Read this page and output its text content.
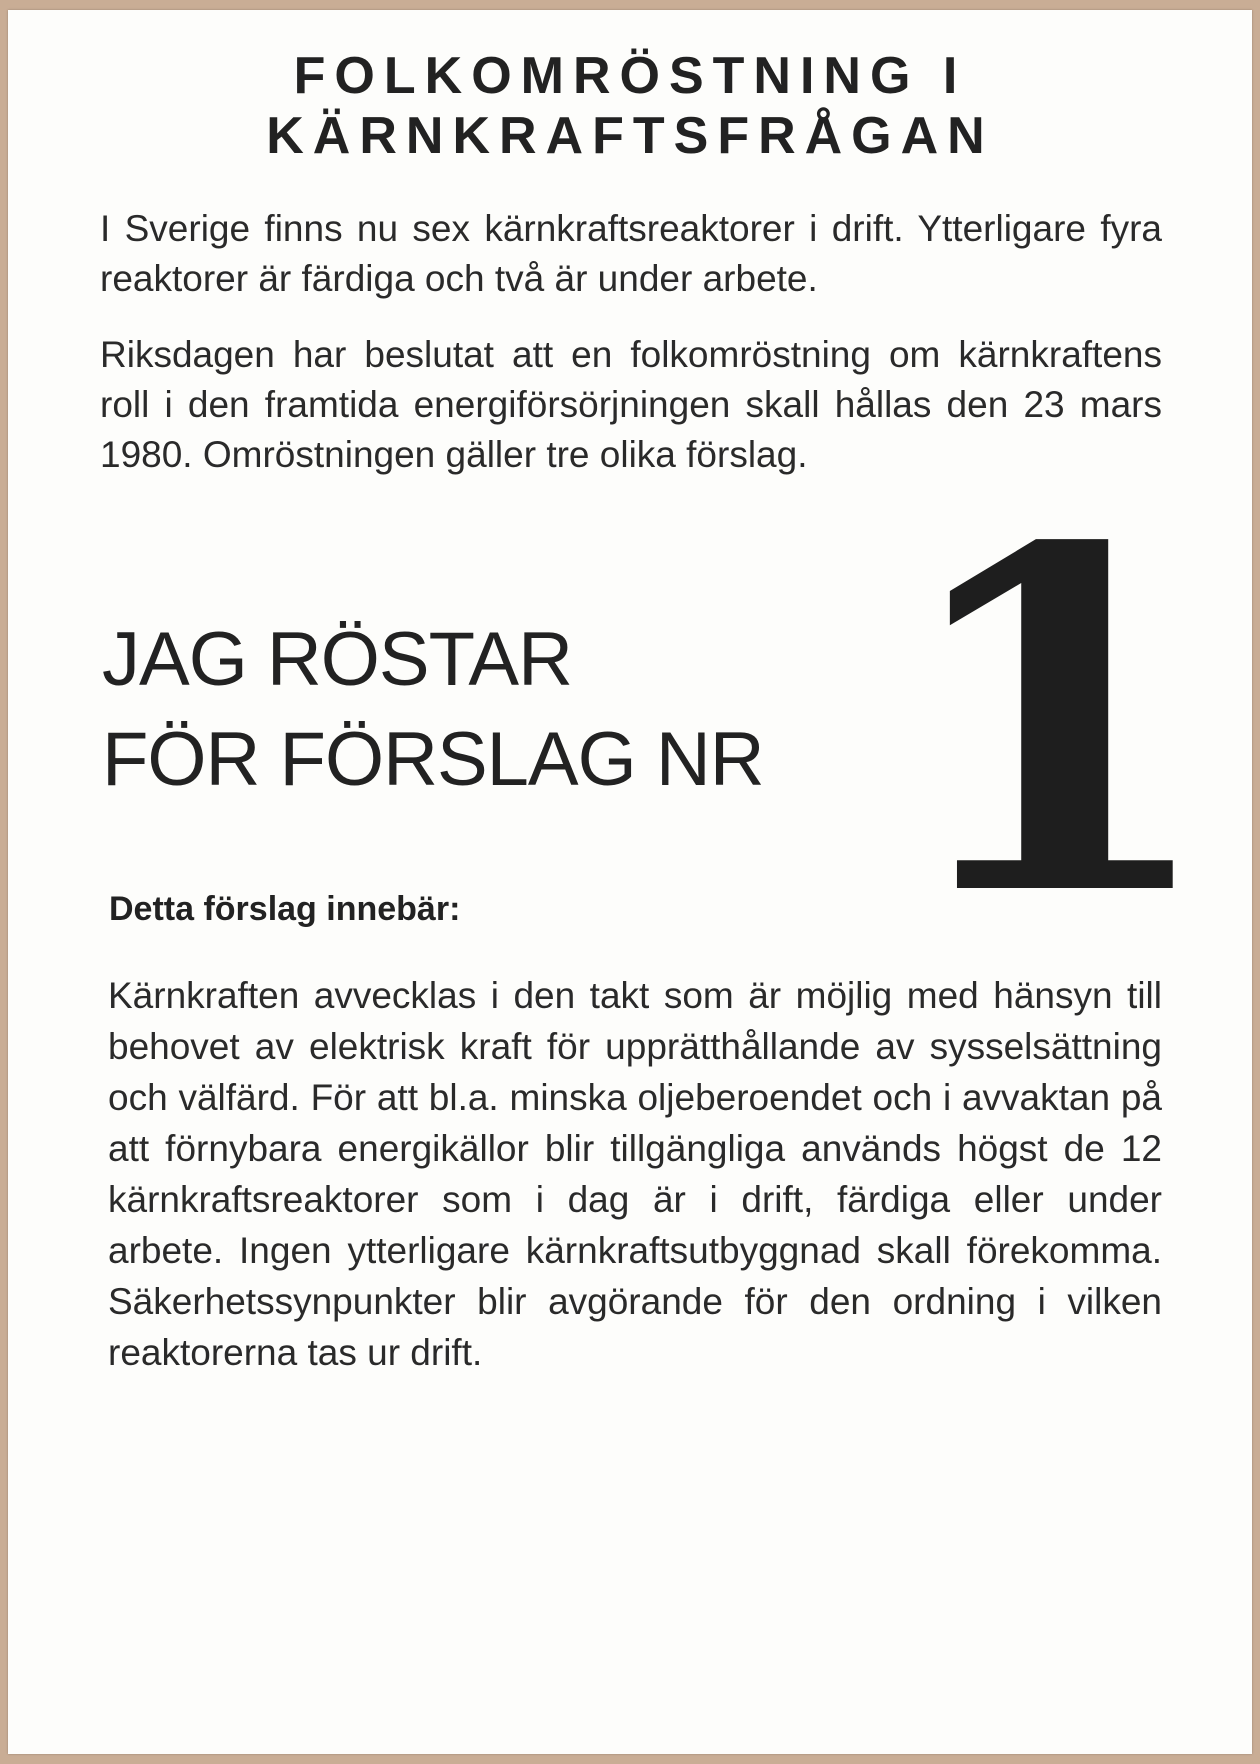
FOLKOMRÖSTNING I
KÄRNKRAFTSFRÅGAN

I Sverige finns nu sex kärnkraftsreaktorer i drift. Ytterligare fyra reaktorer är färdiga och två är under arbete.

Riksdagen har beslutat att en folkomröstning om kärnkraftens roll i den framtida energiförsörjningen skall hållas den 23 mars 1980. Omröstningen gäller tre olika förslag.

JAG RÖSTAR
FÖR FÖRSLAG NR 1
Detta förslag innebär:
Kärnkraften avvecklas i den takt som är möjlig med hänsyn till behovet av elektrisk kraft för upprätthållande av sysselsättning och välfärd. För att bl.a. minska oljeberoendet och i avvaktan på att förnybara energikällor blir tillgängliga används högst de 12 kärnkraftsreaktorer som i dag är i drift, färdiga eller under arbete. Ingen ytterligare kärnkraftsutbyggnad skall förekomma. Säkerhetssynpunkter blir avgörande för den ordning i vilken reaktorerna tas ur drift.
